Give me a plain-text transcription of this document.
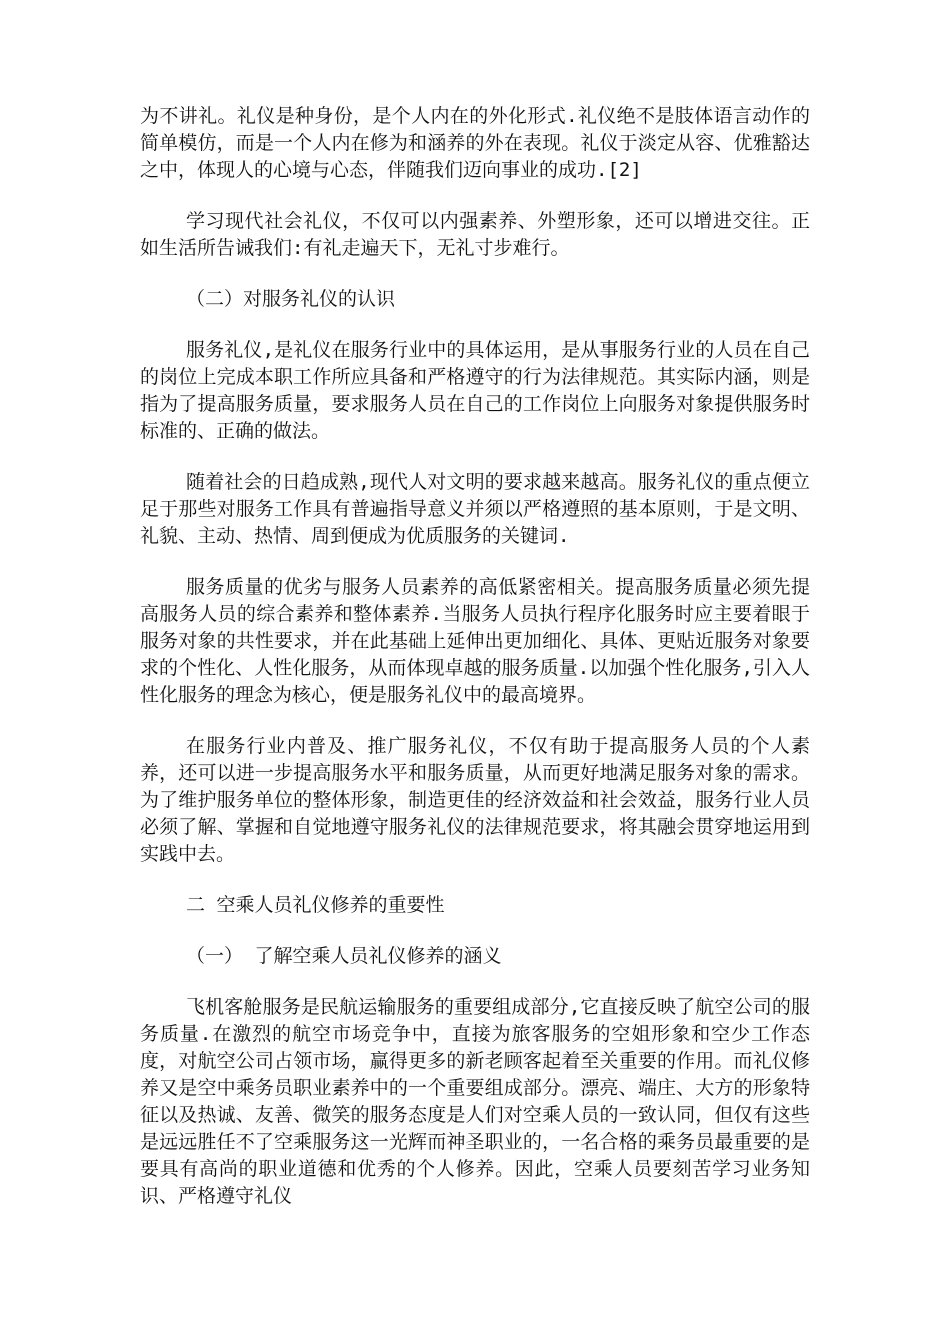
为不讲礼。礼仪是种身份，是个人内在的外化形式.礼仪绝不是肢体语言动作的简单模仿，而是一个人内在修为和涵养的外在表现。礼仪于淡定从容、优雅豁达之中，体现人的心境与心态，伴随我们迈向事业的成功.[2]

学习现代社会礼仪，不仅可以内强素养、外塑形象，还可以增进交往。正如生活所告诫我们:有礼走遍天下，无礼寸步难行。

（二）对服务礼仪的认识

服务礼仪,是礼仪在服务行业中的具体运用，是从事服务行业的人员在自己的岗位上完成本职工作所应具备和严格遵守的行为法律规范。其实际内涵，则是指为了提高服务质量，要求服务人员在自己的工作岗位上向服务对象提供服务时标准的、正确的做法。

随着社会的日趋成熟,现代人对文明的要求越来越高。服务礼仪的重点便立足于那些对服务工作具有普遍指导意义并须以严格遵照的基本原则，于是文明、礼貌、主动、热情、周到便成为优质服务的关键词.

服务质量的优劣与服务人员素养的高低紧密相关。提高服务质量必须先提高服务人员的综合素养和整体素养.当服务人员执行程序化服务时应主要着眼于服务对象的共性要求，并在此基础上延伸出更加细化、具体、更贴近服务对象要求的个性化、人性化服务，从而体现卓越的服务质量.以加强个性化服务,引入人性化服务的理念为核心，便是服务礼仪中的最高境界。

在服务行业内普及、推广服务礼仪，不仅有助于提高服务人员的个人素养，还可以进一步提高服务水平和服务质量，从而更好地满足服务对象的需求。为了维护服务单位的整体形象，制造更佳的经济效益和社会效益，服务行业人员必须了解、掌握和自觉地遵守服务礼仪的法律规范要求，将其融会贯穿地运用到实践中去。

二 空乘人员礼仪修养的重要性

（一） 了解空乘人员礼仪修养的涵义

飞机客舱服务是民航运输服务的重要组成部分,它直接反映了航空公司的服务质量.在激烈的航空市场竞争中，直接为旅客服务的空姐形象和空少工作态度，对航空公司占领市场，赢得更多的新老顾客起着至关重要的作用。而礼仪修养又是空中乘务员职业素养中的一个重要组成部分。漂亮、端庄、大方的形象特征以及热诚、友善、微笑的服务态度是人们对空乘人员的一致认同，但仅有这些是远远胜任不了空乘服务这一光辉而神圣职业的，一名合格的乘务员最重要的是要具有高尚的职业道德和优秀的个人修养。因此，空乘人员要刻苦学习业务知识、严格遵守礼仪
